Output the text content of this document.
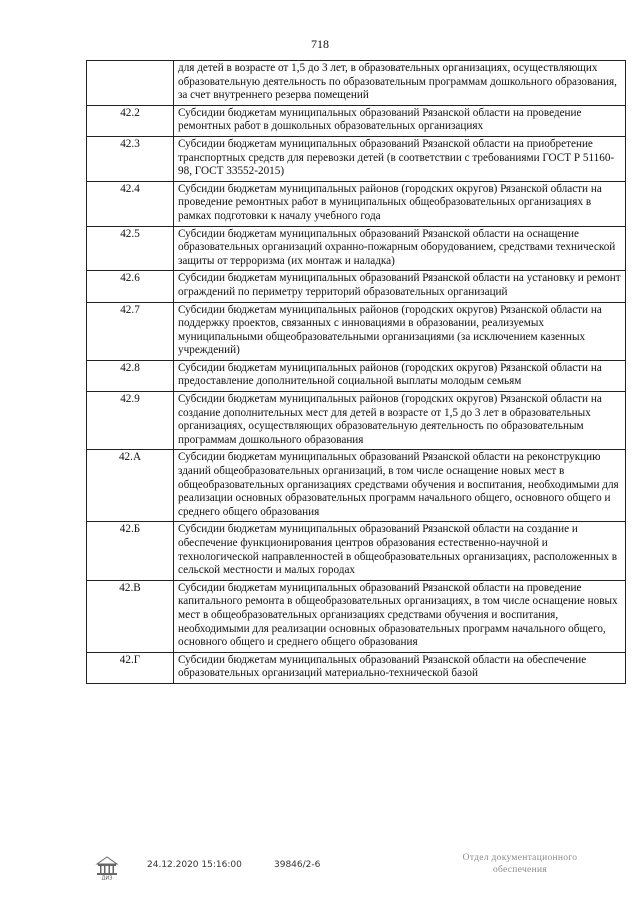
718
	для детей в возрасте от 1,5 до 3 лет, в образовательных организациях, осуществляющих образовательную деятельность по образовательным программам дошкольного образования, за счет внутреннего резерва помещений
42.2	Субсидии бюджетам муниципальных образований Рязанской области на проведение ремонтных работ в дошкольных образовательных организациях
42.3	Субсидии бюджетам муниципальных образований Рязанской области на приобретение транспортных средств для перевозки детей (в соответствии с требованиями ГОСТ Р 51160-98, ГОСТ 33552-2015)
42.4	Субсидии бюджетам муниципальных районов (городских округов) Рязанской области на проведение ремонтных работ в муниципальных общеобразовательных организациях в рамках подготовки к началу учебного года
42.5	Субсидии бюджетам муниципальных образований Рязанской области на оснащение образовательных организаций охранно-пожарным оборудованием, средствами технической защиты от терроризма (их монтаж и наладка)
42.6	Субсидии бюджетам муниципальных образований Рязанской области на установку и ремонт ограждений по периметру территорий образовательных организаций
42.7	Субсидии бюджетам муниципальных районов (городских округов) Рязанской области на поддержку проектов, связанных с инновациями в образовании, реализуемых муниципальными общеобразовательными организациями (за исключением казенных учреждений)
42.8	Субсидии бюджетам муниципальных районов (городских округов) Рязанской области на предоставление дополнительной социальной выплаты молодым семьям
42.9	Субсидии бюджетам муниципальных районов (городских округов) Рязанской области на создание дополнительных мест для детей в возрасте от 1,5 до 3 лет в образовательных организациях, осуществляющих образовательную деятельность по образовательным программам дошкольного образования
42.А	Субсидии бюджетам муниципальных образований Рязанской области на реконструкцию зданий общеобразовательных организаций, в том числе оснащение новых мест в общеобразовательных организациях средствами обучения и воспитания, необходимыми для реализации основных образовательных программ начального общего, основного общего и среднего общего образования
42.Б	Субсидии бюджетам муниципальных образований Рязанской области на создание и обеспечение функционирования центров образования естественно-научной и технологической направленностей в общеобразовательных организациях, расположенных в сельской местности и малых городах
42.В	Субсидии бюджетам муниципальных образований Рязанской области на проведение капитального ремонта в общеобразовательных организациях, в том числе оснащение новых мест в общеобразовательных организациях средствами обучения и воспитания, необходимыми для реализации основных образовательных программ начального общего, основного общего и среднего общего образования
42.Г	Субсидии бюджетам муниципальных образований Рязанской области на обеспечение образовательных организаций материально-технической базой
ДИЗ
24.12.2020 15:16:00	39846/2-6
Отдел документационного
обеспечения
